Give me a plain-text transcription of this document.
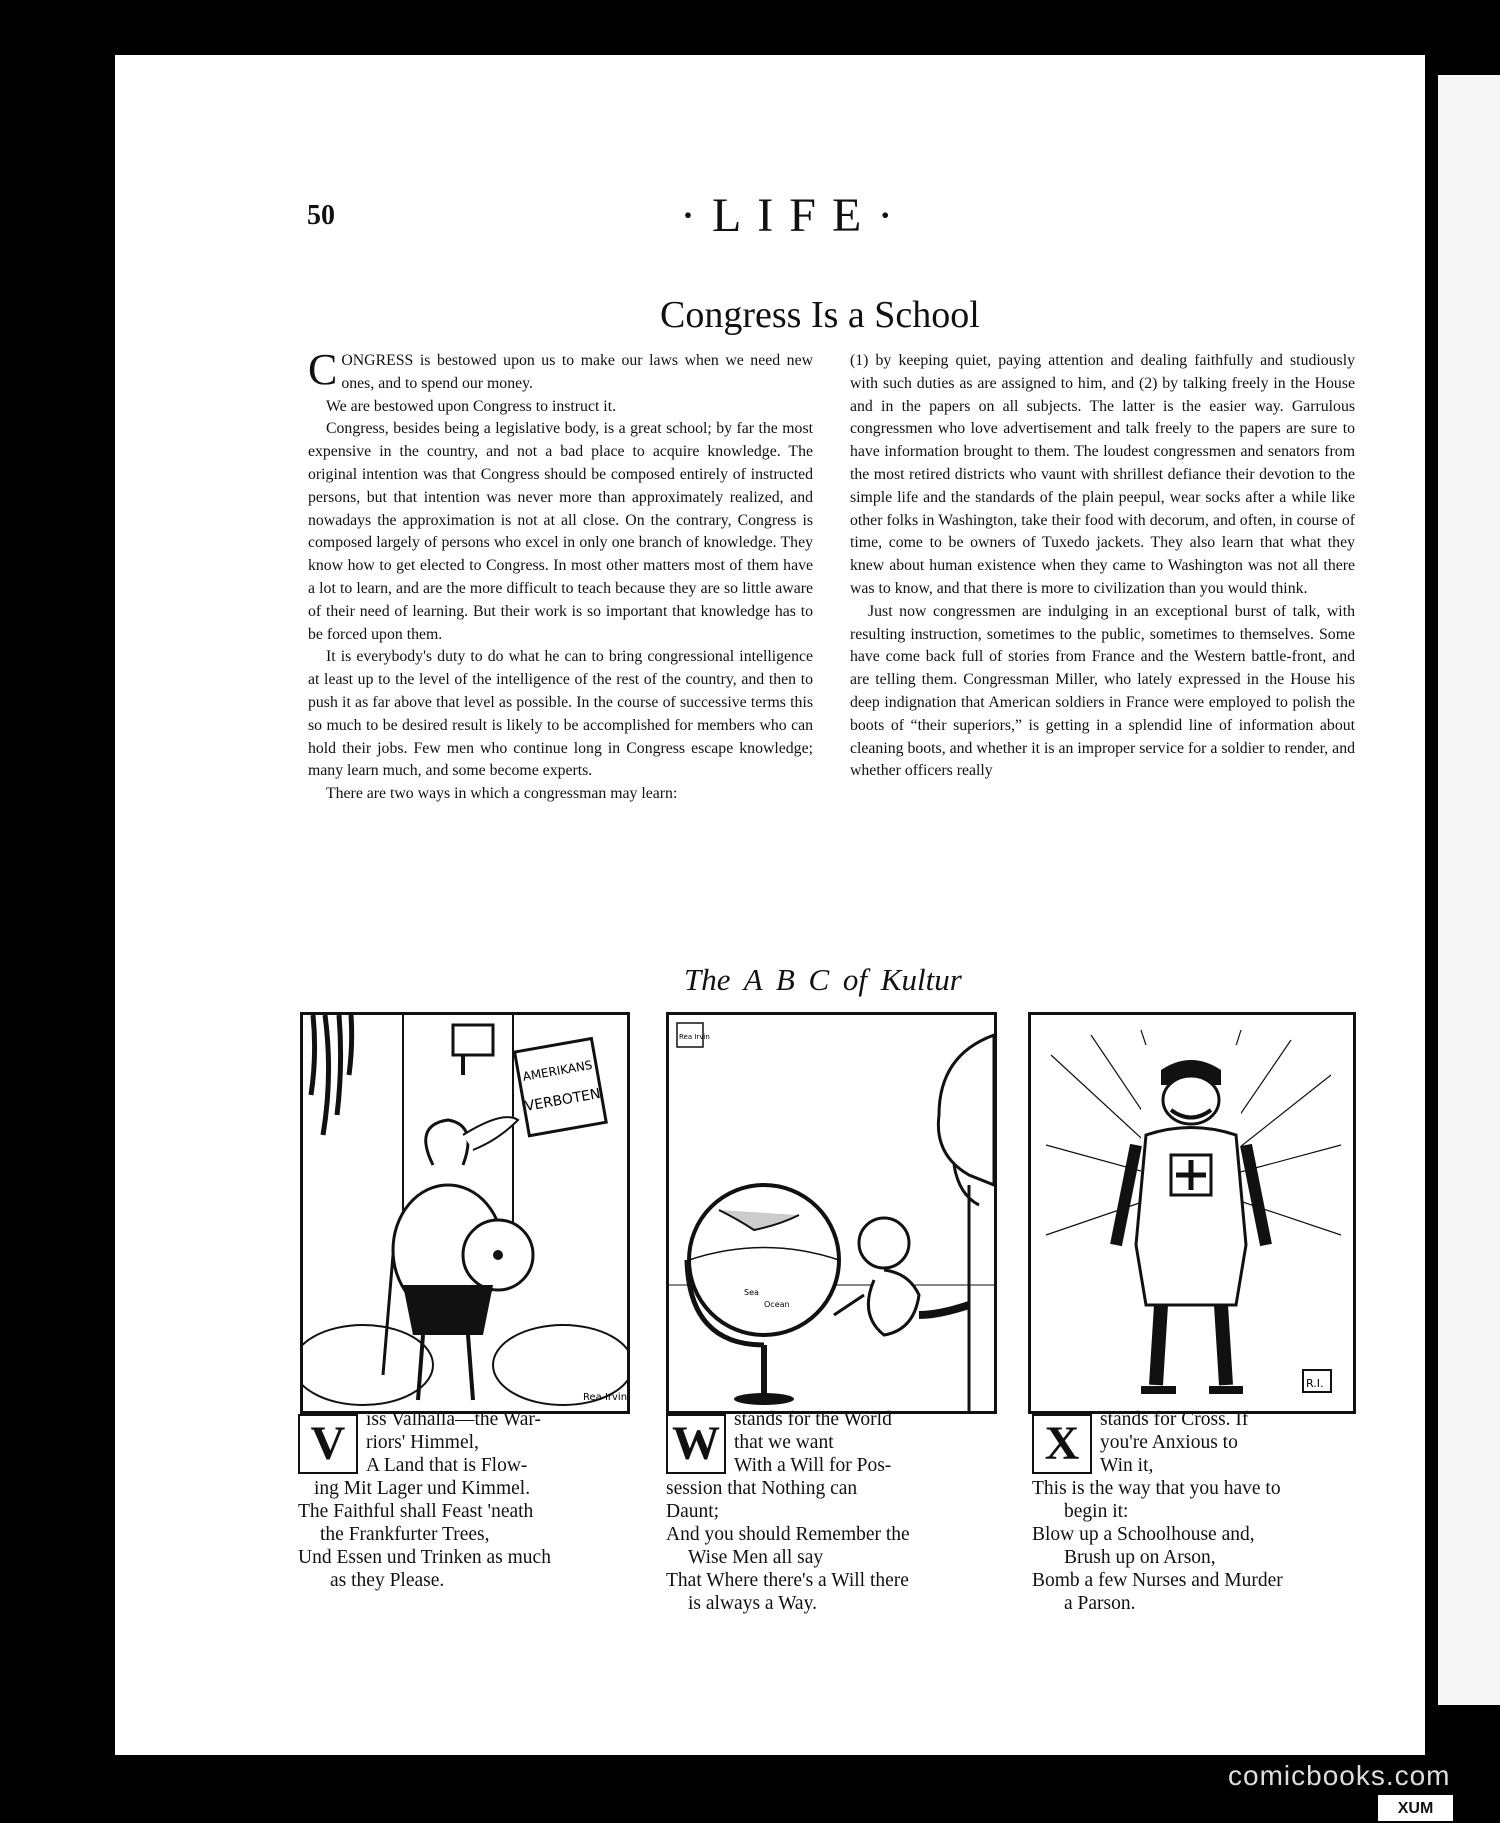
50	·LIFE·
Congress Is a School

CONGRESS is bestowed upon us to make our laws when we need new ones, and to spend our money.

We are bestowed upon Congress to instruct it.

Congress, besides being a legislative body, is a great school; by far the most expensive in the country, and not a bad place to acquire knowledge. The original intention was that Congress should be composed entirely of instructed persons, but that intention was never more than approximately realized, and nowadays the approximation is not at all close. On the contrary, Congress is composed largely of persons who excel in only one branch of knowledge. They know how to get elected to Congress. In most other matters most of them have a lot to learn, and are the more difficult to teach because they are so little aware of their need of learning. But their work is so important that knowledge has to be forced upon them.

It is everybody's duty to do what he can to bring congressional intelligence at least up to the level of the intelligence of the rest of the country, and then to push it as far above that level as possible. In the course of successive terms this so much to be desired result is likely to be accomplished for members who can hold their jobs. Few men who continue long in Congress escape knowledge; many learn much, and some become experts.

There are two ways in which a congressman may learn:

(1) by keeping quiet, paying attention and dealing faithfully and studiously with such duties as are assigned to him, and (2) by talking freely in the House and in the papers on all subjects. The latter is the easier way. Garrulous congressmen who love advertisement and talk freely to the papers are sure to have information brought to them. The loudest congressmen and senators from the most retired districts who vaunt with shrillest defiance their devotion to the simple life and the standards of the plain peepul, wear socks after a while like other folks in Washington, take their food with decorum, and often, in course of time, come to be owners of Tuxedo jackets. They also learn that what they knew about human existence when they came to Washington was not all there was to know, and that there is more to civilization than you would think.

Just now congressmen are indulging in an exceptional burst of talk, with resulting instruction, sometimes to the public, sometimes to themselves. Some have come back full of stories from France and the Western battle-front, and are telling them. Congressman Miller, who lately expressed in the House his deep indignation that American soldiers in France were employed to polish the boots of “their superiors,” is getting in a splendid line of information about cleaning boots, and whether it is an improper service for a soldier to render, and whether officers really

The A B C of Kultur
AMERIKANS
VERBOTEN
Rea Irvin
Rea Irvin
Sea
Ocean
R.I.
V	iss Valhalla—the War-
riors' Himmel,
A Land that is Flow-
ing Mit Lager und Kimmel.
The Faithful shall Feast 'neath
the Frankfurter Trees,
Und Essen und Trinken as much
as they Please.
W stands for the World
that we want
With a Will for Pos-
session that Nothing can
Daunt;
And you should Remember the
Wise Men all say
That Where there's a Will there
is always a Way.
X	stands for Cross. If
you're Anxious to
Win it,
This is the way that you have to
begin it:
Blow up a Schoolhouse and,
Brush up on Arson,
Bomb a few Nurses and Murder
a Parson.
comicbooks.com
XUM
